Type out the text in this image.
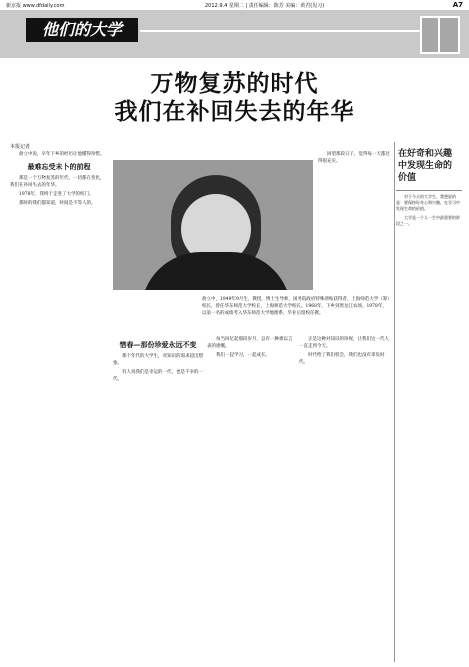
新京报 www.dfdaily.com	2012.9.4 星期二 | 责任编辑：陈芳 美编：黄君(见习)	A7
他们的大学
万物复苏的时代
我们在补回失去的年华
本报记者

俞立中说，早年下乡的经历让他懂得珍惜。

最难忘受未卜的前程

那是一个万物复苏的年代，一切都在变化，我们在补回失去的年华。

1978年，我终于走进了大学的校门。

那时的我们都知道，时间是不等人的。

回望那段日子，觉得每一天都过得很充实。

俞立中，1949年9月生，教授，博士生导师，国务院政府特殊津贴获得者，上海师范大学（筹）校长，曾任华东师范大学校长，上海师范大学校长。1968年，下乡到黑龙江农场。1978年，以第一名的成绩考入华东师范大学地理系，毕业后留校任教。
惜春—那份珍爱永远不变

那个年代的大学生，对知识的渴求超出想象。

有人说我们是幸运的一代，也是不幸的一代。

每当回忆起那段岁月，总有一种难以言表的感慨。

我们一起学习，一起成长。

正是这种对知识的珍视，让我们这一代人一直走到今天。

时代给了我们机会，我们也没有辜负时代。

在好奇和兴趣中发现生命的价值

对于今天的大学生，我想说的是：要保持好奇心和兴趣，在学习中发现生命的价值。

大学是一个人一生中最重要的阶段之一。
